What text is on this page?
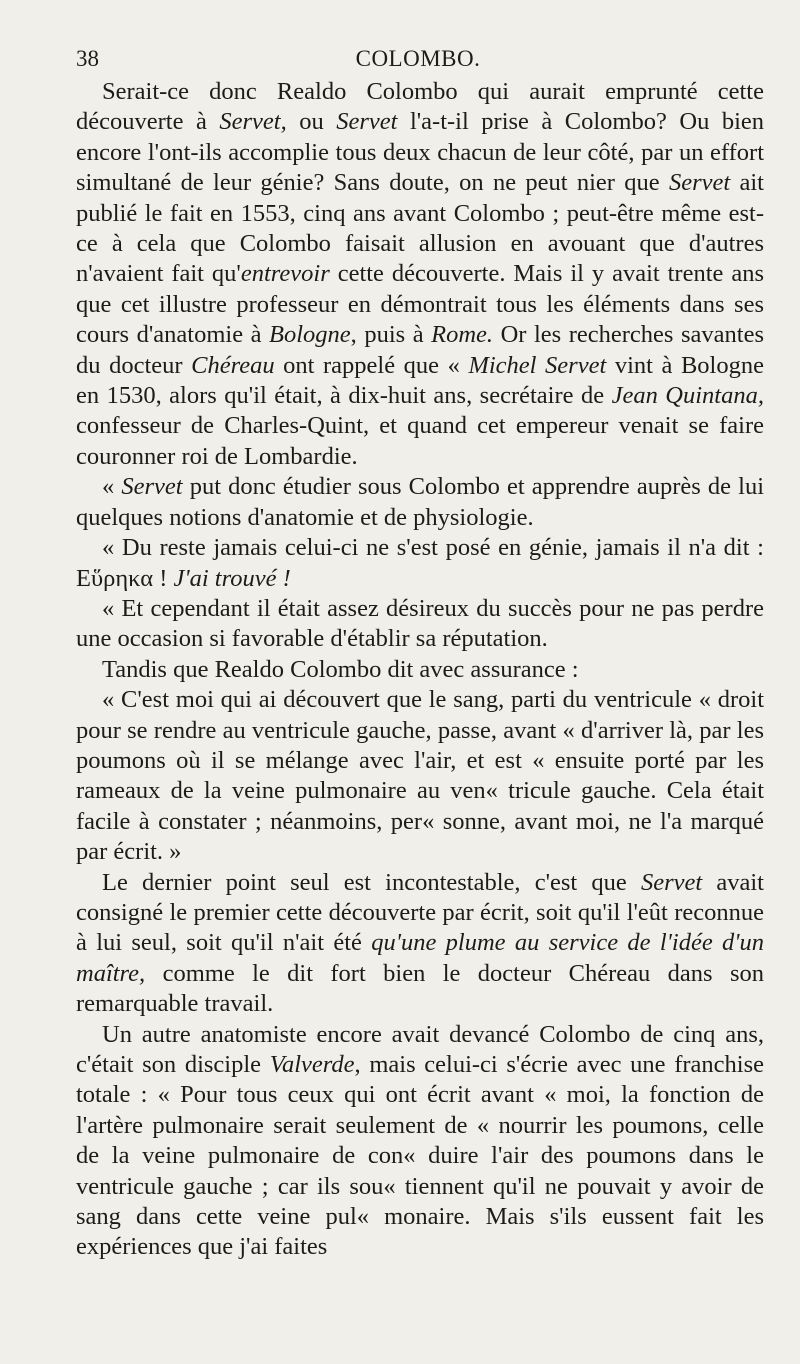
38	COLOMBO.

Serait-ce donc Realdo Colombo qui aurait emprunté cette découverte à Servet, ou Servet l'a-t-il prise à Colombo? Ou bien encore l'ont-ils accomplie tous deux chacun de leur côté, par un effort simultané de leur génie? Sans doute, on ne peut nier que Servet ait publié le fait en 1553, cinq ans avant Colombo ; peut-être même est-ce à cela que Colombo faisait allusion en avouant que d'autres n'avaient fait qu'entrevoir cette découverte. Mais il y avait trente ans que cet illustre professeur en démontrait tous les éléments dans ses cours d'anatomie à Bologne, puis à Rome. Or les recherches savantes du docteur Chéreau ont rappelé que « Michel Servet vint à Bologne en 1530, alors qu'il était, à dix-huit ans, secrétaire de Jean Quintana, confesseur de Charles-Quint, et quand cet empereur venait se faire couronner roi de Lombardie.

« Servet put donc étudier sous Colombo et apprendre auprès de lui quelques notions d'anatomie et de physiologie.

« Du reste jamais celui-ci ne s'est posé en génie, jamais il n'a dit : Εὕρηκα ! J'ai trouvé !

« Et cependant il était assez désireux du succès pour ne pas perdre une occasion si favorable d'établir sa réputation.

Tandis que Realdo Colombo dit avec assurance :

« C'est moi qui ai découvert que le sang, parti du ventricule « droit pour se rendre au ventricule gauche, passe, avant « d'arriver là, par les poumons où il se mélange avec l'air, et est « ensuite porté par les rameaux de la veine pulmonaire au ven« tricule gauche. Cela était facile à constater ; néanmoins, per« sonne, avant moi, ne l'a marqué par écrit. »

Le dernier point seul est incontestable, c'est que Servet avait consigné le premier cette découverte par écrit, soit qu'il l'eût reconnue à lui seul, soit qu'il n'ait été qu'une plume au service de l'idée d'un maître, comme le dit fort bien le docteur Chéreau dans son remarquable travail.

Un autre anatomiste encore avait devancé Colombo de cinq ans, c'était son disciple Valverde, mais celui-ci s'écrie avec une franchise totale : « Pour tous ceux qui ont écrit avant « moi, la fonction de l'artère pulmonaire serait seulement de « nourrir les poumons, celle de la veine pulmonaire de con« duire l'air des poumons dans le ventricule gauche ; car ils sou« tiennent qu'il ne pouvait y avoir de sang dans cette veine pul« monaire. Mais s'ils eussent fait les expériences que j'ai faites
